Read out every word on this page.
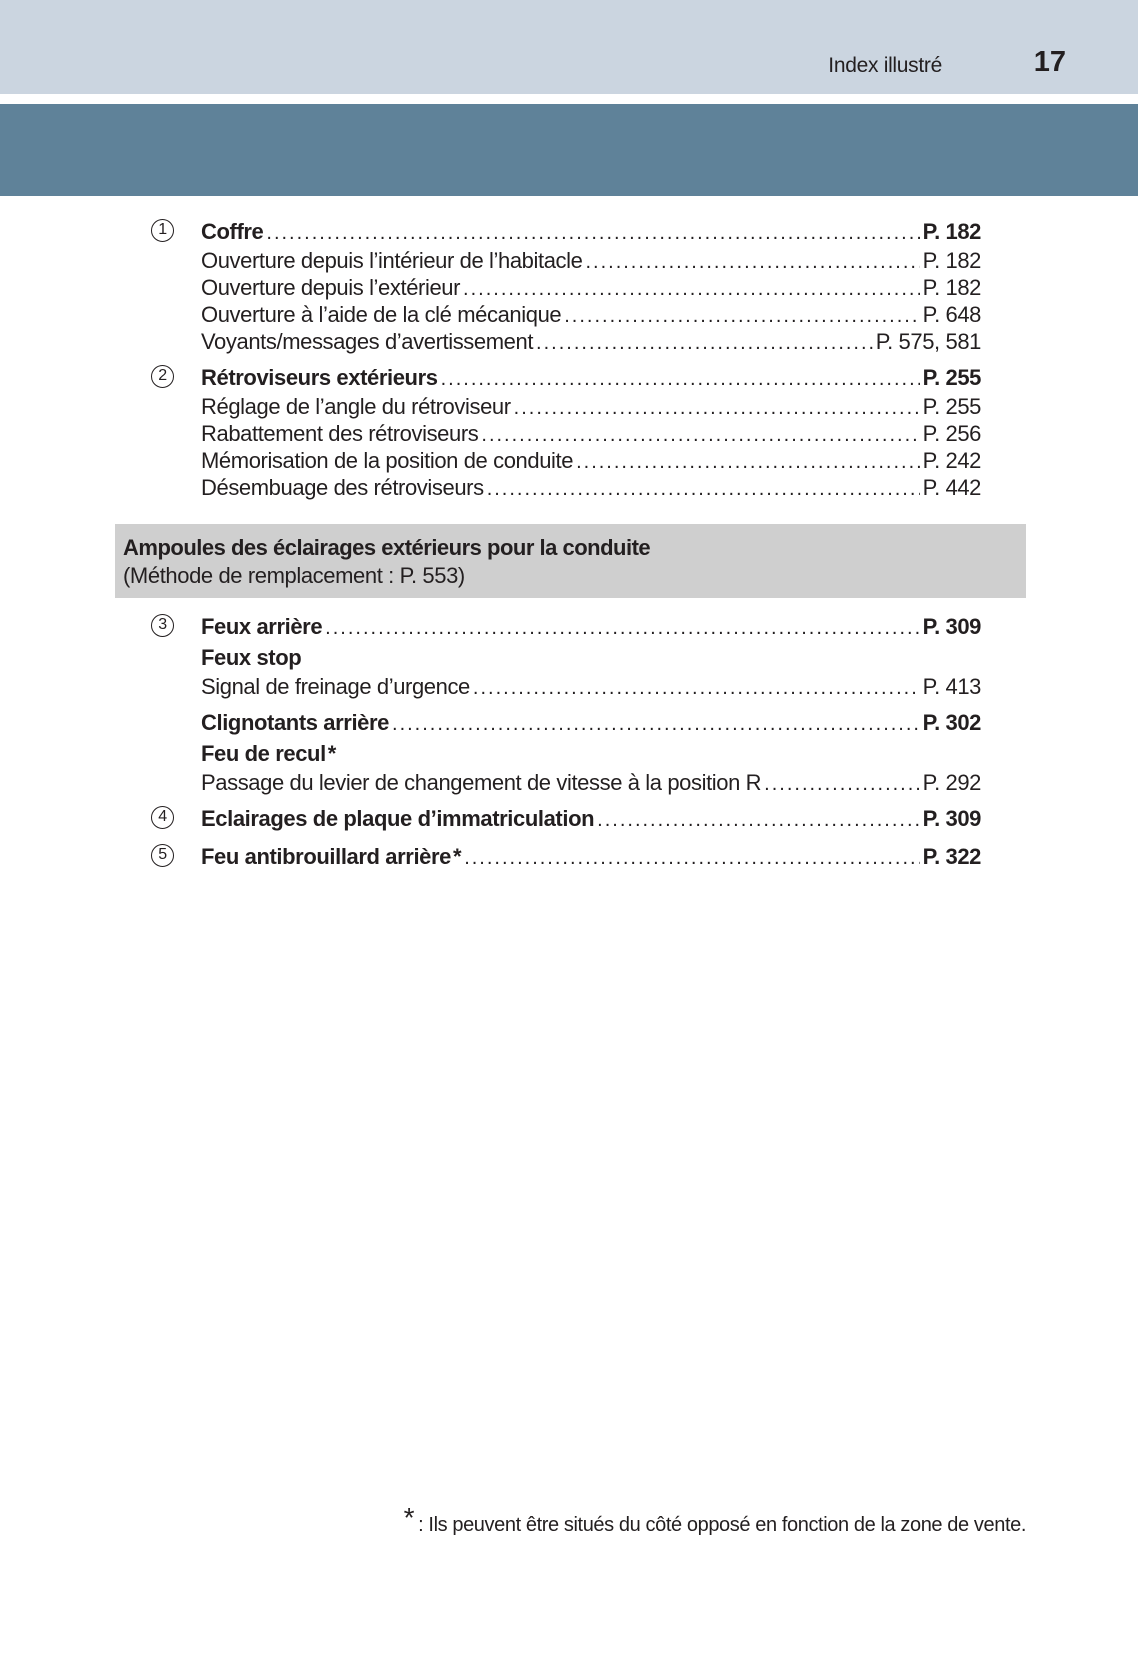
Index illustré	17
1	Coffre .....	P. 182
Ouverture depuis l’intérieur de l’habitacle .....	P. 182
Ouverture depuis l’extérieur .....	P. 182
Ouverture à l’aide de la clé mécanique .....	P. 648
Voyants/messages d’avertissement .....	P. 575, 581
2	Rétroviseurs extérieurs .....	P. 255
Réglage de l’angle du rétroviseur .....	P. 255
Rabattement des rétroviseurs .....	P. 256
Mémorisation de la position de conduite .....	P. 242
Désembuage des rétroviseurs .....	P. 442
Ampoules des éclairages extérieurs pour la conduite
(Méthode de remplacement : P. 553)
3	Feux arrière .....	P. 309
Feux stop
Signal de freinage d’urgence .....	P. 413
Clignotants arrière .....	P. 302
Feu de recul *
Passage du levier de changement de vitesse à la position R .....	P. 292
4	Eclairages de plaque d’immatriculation .....	P. 309
5	Feu antibrouillard arrière * .....	P. 322
* : Ils peuvent être situés du côté opposé en fonction de la zone de vente.
